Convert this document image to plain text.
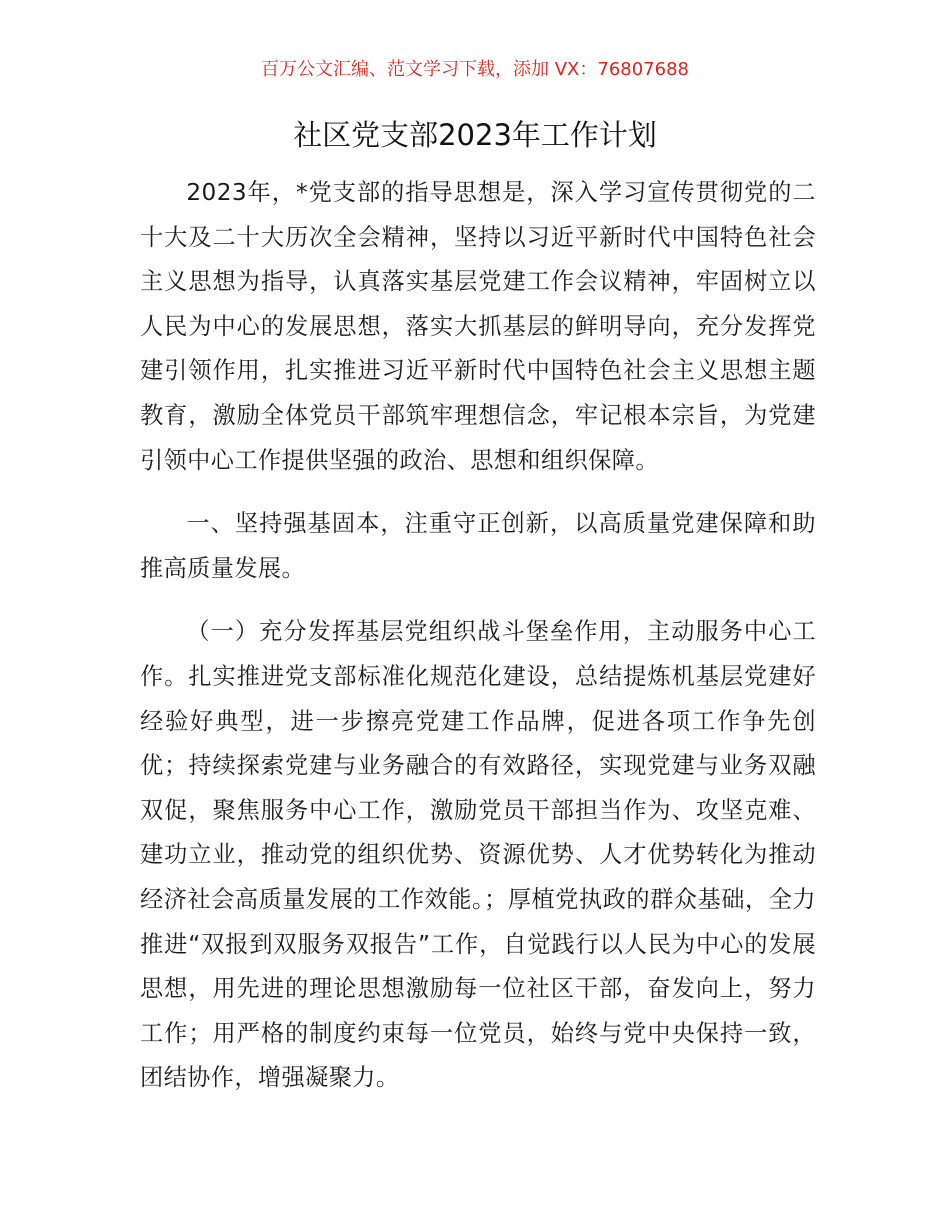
百万公文汇编、范文学习下载，添加 VX：76807688
社区党支部2023年工作计划

2023年，*党支部的指导思想是，深入学习宣传贯彻党的二十大及二十大历次全会精神，坚持以习近平新时代中国特色社会主义思想为指导，认真落实基层党建工作会议精神，牢固树立以人民为中心的发展思想，落实大抓基层的鲜明导向，充分发挥党建引领作用，扎实推进习近平新时代中国特色社会主义思想主题教育，激励全体党员干部筑牢理想信念，牢记根本宗旨，为党建引领中心工作提供坚强的政治、思想和组织保障。

一、坚持强基固本，注重守正创新，以高质量党建保障和助推高质量发展。

（一）充分发挥基层党组织战斗堡垒作用，主动服务中心工作。扎实推进党支部标准化规范化建设，总结提炼机基层党建好经验好典型，进一步擦亮党建工作品牌，促进各项工作争先创优；持续探索党建与业务融合的有效路径，实现党建与业务双融双促，聚焦服务中心工作，激励党员干部担当作为、攻坚克难、建功立业，推动党的组织优势、资源优势、人才优势转化为推动经济社会高质量发展的工作效能。；厚植党执政的群众基础，全力推进“双报到双服务双报告”工作，自觉践行以人民为中心的发展思想，用先进的理论思想激励每一位社区干部，奋发向上，努力工作；用严格的制度约束每一位党员，始终与党中央保持一致，团结协作，增强凝聚力。
